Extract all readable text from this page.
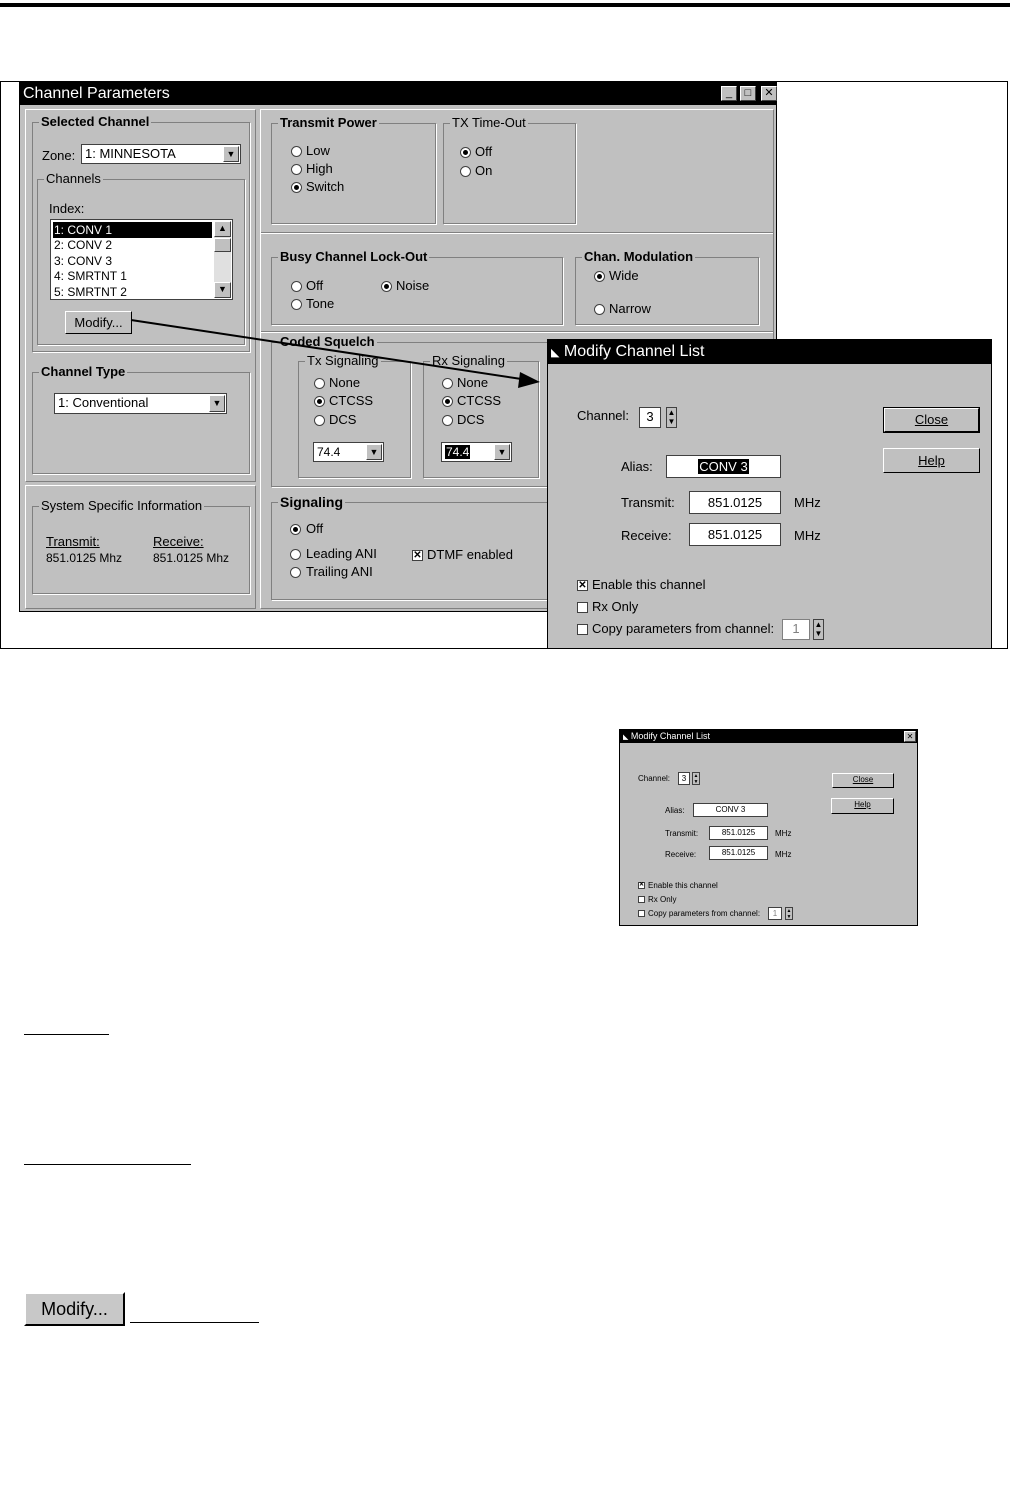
Channel Parameters	_	□	✕
Selected Channel
Zone: 1: MINNESOTA	▼
Channels
Index:
1: CONV 1
2: CONV 2
3: CONV 3
4: SMRTNT 1
5: SMRTNT 2
▲
▼
Modify...
Channel Type
1: Conventional	▼
System Specific Information
Transmit:
851.0125 Mhz
Receive:
851.0125 Mhz
Transmit Power
Low
High
Switch
TX Time-Out
Off
On
Busy Channel Lock-Out
Off	Noise
Tone
Chan. Modulation
Wide
Narrow
Coded Squelch
Tx Signaling
None
CTCSS
DCS
74.4	▼
Rx Signaling
None
CTCSS
DCS
74.4	▼
Signaling
Off
Leading ANI
Trailing ANI
✕ DTMF enabled
◣ Modify Channel List
Channel:	3	▲
▼	Close
Help
Alias:	CONV 3
Transmit:	851.0125	MHz
Receive:	851.0125	MHz
✕ Enable this channel
Rx Only
Copy parameters from channel:	1	▲
▼
◣ Modify Channel List	✕
Channel:	3	▲
▼	Close
Help
Alias:	CONV 3
Transmit:	851.0125	MHz
Receive:	851.0125	MHz
✕ Enable this channel
Rx Only
Copy parameters from channel:	1	▲
▼
Modify...
